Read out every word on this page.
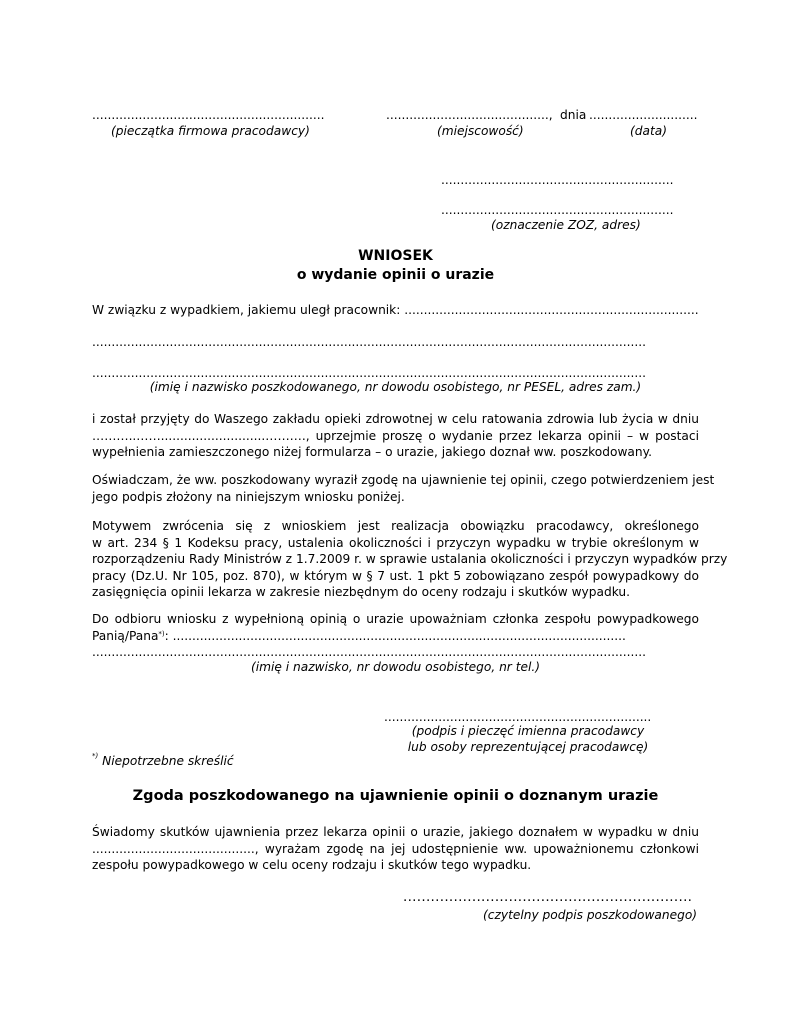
............................................................
(pieczątka firmowa pracodawcy)
.........................................., dnia ............................
(miejscowość)	(data)
............................................................
............................................................
(oznaczenie ZOZ, adres)
WNIOSEK
o wydanie opinii o urazie
W związku z wypadkiem, jakiemu uległ pracownik: ............................................................................
...............................................................................................................................................
...............................................................................................................................................
(imię i nazwisko poszkodowanego, nr dowodu osobistego, nr PESEL, adres zam.)
i został przyjęty do Waszego zakładu opieki zdrowotnej w celu ratowania zdrowia lub życia w dniu
………..……...........................………., uprzejmie proszę o wydanie przez lekarza opinii – w postaci
wypełnienia zamieszczonego niżej formularza – o urazie, jakiego doznał ww. poszkodowany.
Oświadczam, że ww. poszkodowany wyraził zgodę na ujawnienie tej opinii, czego potwierdzeniem jest
jego podpis złożony na niniejszym wniosku poniżej.
Motywem zwrócenia się z wnioskiem jest realizacja obowiązku pracodawcy, określonego
w art. 234 § 1 Kodeksu pracy, ustalenia okoliczności i przyczyn wypadku w trybie określonym w
rozporządzeniu Rady Ministrów z 1.7.2009 r. w sprawie ustalania okoliczności i przyczyn wypadków przy
pracy (Dz.U. Nr 105, poz. 870), w którym w § 7 ust. 1 pkt 5 zobowiązano zespół powypadkowy do
zasięgnięcia opinii lekarza w zakresie niezbędnym do oceny rodzaju i skutków wypadku.
Do odbioru wniosku z wypełnioną opinią o urazie upoważniam członka zespołu powypadkowego
Panią/Pana*): .....................................................................................................................
...............................................................................................................................................
(imię i nazwisko, nr dowodu osobistego, nr tel.)
.....................................................................
(podpis i pieczęć imienna pracodawcy
lub osoby reprezentującej pracodawcę)
*) Niepotrzebne skreślić
Zgoda poszkodowanego na ujawnienie opinii o doznanym urazie
Świadomy skutków ujawnienia przez lekarza opinii o urazie, jakiego doznałem w wypadku w dniu
.........................................., wyrażam zgodę na jej udostępnienie ww. upoważnionemu członkowi
zespołu powypadkowego w celu oceny rodzaju i skutków tego wypadku.
...............................................................
(czytelny podpis poszkodowanego)
